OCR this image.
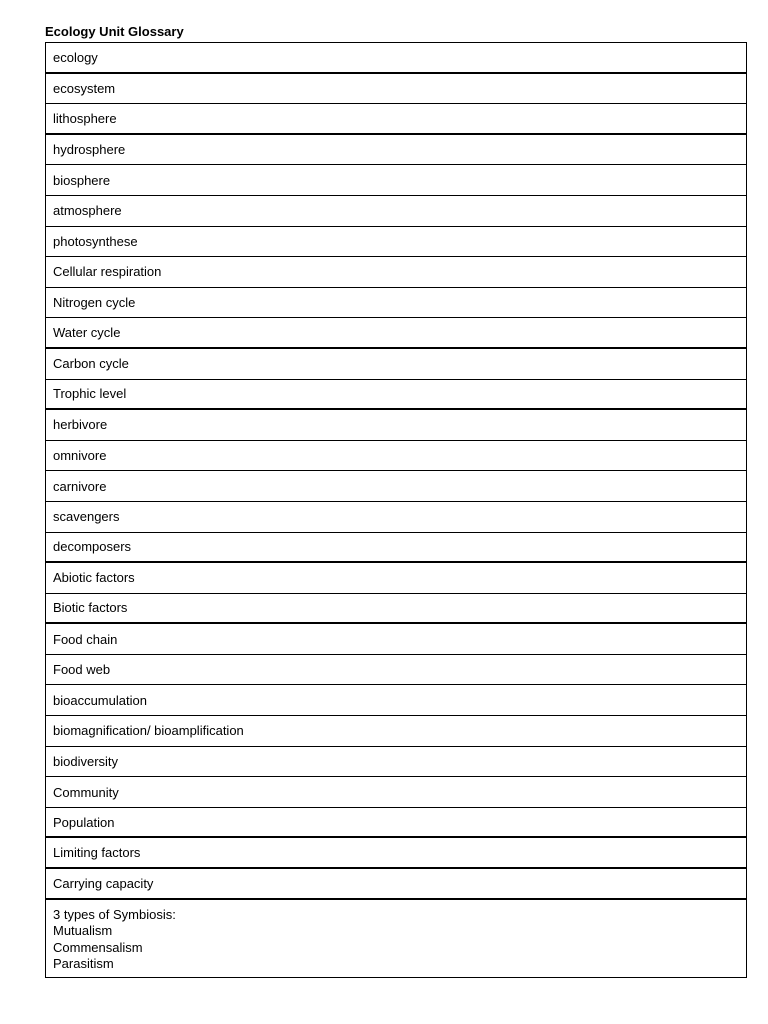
Ecology Unit Glossary
ecology
ecosystem
lithosphere
hydrosphere
biosphere
atmosphere
photosynthese
Cellular respiration
Nitrogen cycle
Water cycle
Carbon cycle
Trophic level
herbivore
omnivore
carnivore
scavengers
decomposers
Abiotic factors
Biotic factors
Food chain
Food web
bioaccumulation
biomagnification/ bioamplification
biodiversity
Community
Population
Limiting factors
Carrying capacity
3 types of Symbiosis:
Mutualism
Commensalism
Parasitism
